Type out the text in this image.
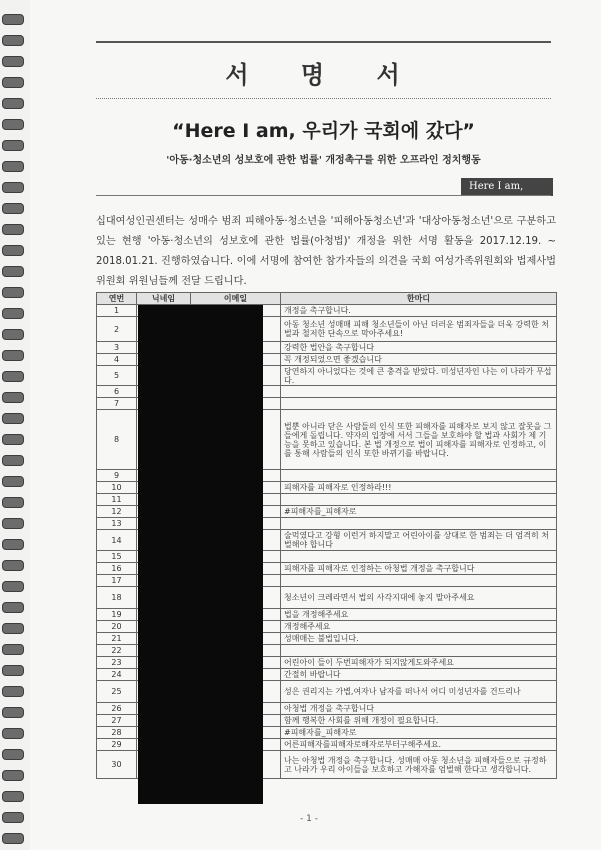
서 명 서
“Here I am, 우리가 국회에 갔다”
'아동·청소년의 성보호에 관한 법률' 개정촉구를 위한 오프라인 정치행동
Here I am,
십대여성인권센터는 성매수 범죄 피해아동·청소년을 '피해아동청소년'과 '대상아동청소년'으로 구분하고 있는 현행 '아동·청소년의 성보호에 관한 법률(아청법)' 개정을 위한 서명 활동을 2017.12.19. ~ 2018.01.21. 진행하였습니다. 이에 서명에 참여한 참가자들의 의견을 국회 여성가족위원회와 법제사법위원회 위원님들께 전달 드립니다.
연번	닉네임	이메일	한마디
1			개정을 촉구합니다.
2			아동 청소년 성매매 피해 청소년들이 아닌 더러운 범죄자들을 더욱 강력한 처벌과 철저한 단속으로 막아주세요!
3			강력한 법안을 촉구합니다
4			꼭 개정되었으면 좋겠습니다
5			당연하지 아니었다는 것에 큰 충격을 받았다. 미성년자인 나는 이 나라가 무섭다.
6			
7			
8			법뿐 아니라 닫은 사람들의 인식 또한 피해자를 피해자로 보지 않고 잘못을 그들에게 돌립니다. 약자의 입장에 서서 그들을 보호하야 할 법과 사회가 제 기능을 못하고 있습니다. 본 법 개정으로 법이 피해자를 피해자로 인정하고, 이를 통해 사람들의 인식 또한 바뀌기를 바랍니다.
9			
10			피해자를 피해자로 인정하라!!!
11			
12			#피해자를_피해자로
13			
14			술먹였다고 강형 이런거 하지말고 어린아이를 상대로 한 범죄는 더 엄격히 처벌해야 합니다
15			
16			피해자를 피해자로 인정하는 아청법 개정을 촉구합니다
17			
18			청소년이 크레라면서 법의 사각지대에 놓지 말아주세요
19			법을 개정해주세요
20			개정해주세요
21			성매매는 불법입니다.
22			
23			어린아이 들이 두번피해자가 되지않게도와주세요
24			간절히 바랍니다
25			성은 권리지는 가볍,여자나 남자를 떠나서 어디 미성년자를 건드리나
26			아청법 개정을 촉구합니다
27			함께 행복한 사회를 위해 개정이 필요합니다.
28			#피해자를_피해자로
29			어른피해자를피해자로해자로부터구해주세요.
30			나는 아청법 개정을 촉구합니다. 성매매 아동 청소년을 피해자들으로 규정하고 나라가 우리 아이들을 보호하고 가해자를 엄벌해 한다고 생각합니다.
- 1 -
